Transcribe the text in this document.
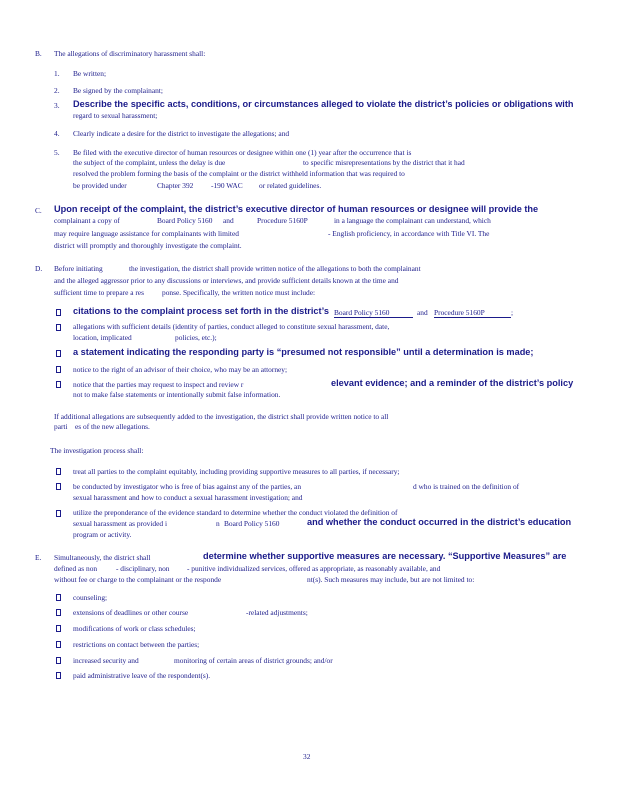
B. The allegations of discriminatory harassment shall:
1. Be written;
2. Be signed by the complainant;
3. Describe the specific acts, conditions, or circumstances alleged to violate the district’s policies or obligations with
regard to sexual harassment;
4. Clearly indicate a desire for the district to investigate the allegations; and
5. Be filed with the executive director of human resources or designee within one (1) year after the occurrence that is
the subject of the complaint, unless the delay is due	to specific misrepresentations by the district that it had
resolved the problem forming the basis of the complaint or the district withheld information that was required to
be provided under	Chapter 392 -190 WAC or related guidelines.
C. Upon receipt of the complaint, the district’s executive director of human resources or designee will provide the
complainant a copy of	Board Policy 5160 and	Procedure 5160P	in a language the complainant can understand, which
may require language assistance for complainants with limited	- English proficiency, in accordance with Title VI. The
district will promptly and thoroughly investigate the complaint.
D. Before initiating	the investigation, the district shall provide written notice of the allegations to both the complainant
and the alleged aggressor prior to any discussions or interviews, and provide sufficient details known at the time and
sufficient time to prepare a res ponse. Specifically, the written notice must include:
citations to the complaint process set forth in the district’s Board Policy 5160	and Procedure 5160P	;
allegations with sufficient details (identity of parties, conduct alleged to constitute sexual harassment, date,
location, implicated	policies, etc.);
a statement indicating the responding party is “presumed not responsible” until a determination is made;
notice to the right of an advisor of their choice, who may be an attorney;
notice that the parties may request to inspect and review r	elevant evidence; and a reminder of the district’s policy
not to make false statements or intentionally submit false information.
If additional allegations are subsequently added to the investigation, the district shall provide written notice to all
parti es of the new allegations.
The investigation process shall:
treat all parties to the complaint equitably, including providing supportive measures to all parties, if necessary;
be conducted by investigator who is free of bias against any of the parties, an	d who is trained on the definition of
sexual harassment and how to conduct a sexual harassment investigation; and
utilize the preponderance of the evidence standard to determine whether the conduct violated the definition of
sexual harassment as provided i	n Board Policy 5160	and whether the conduct occurred in the district’s education
program or activity.
E. Simultaneously, the district shall	determine whether supportive measures are necessary. “Supportive Measures” are
defined as non	- disciplinary, non - punitive individualized services, offered as appropriate, as reasonably available, and
without fee or charge to the complainant or the responde	nt(s). Such measures may include, but are not limited to:
counseling;
extensions of deadlines or other course	-related adjustments;
modifications of work or class schedules;
restrictions on contact between the parties;
increased security and	monitoring of certain areas of district grounds; and/or
paid administrative leave of the respondent(s).
32
